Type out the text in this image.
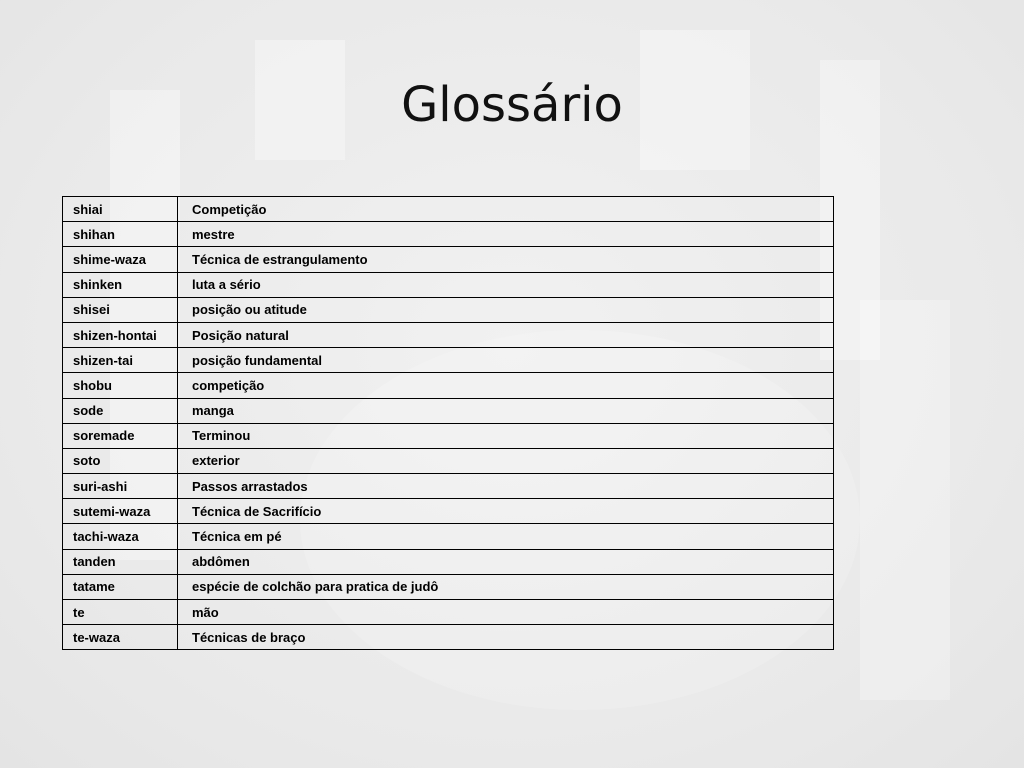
Glossário
shiai	Competição
shihan	mestre
shime-waza	Técnica de estrangulamento
shinken	luta a sério
shisei	posição ou atitude
shizen-hontai	Posição natural
shizen-tai	posição fundamental
shobu	competição
sode	manga
soremade	Terminou
soto	exterior
suri-ashi	Passos arrastados
sutemi-waza	Técnica de Sacrifício
tachi-waza	Técnica em pé
tanden	abdômen
tatame	espécie de colchão para pratica de judô
te	mão
te-waza	Técnicas de braço
